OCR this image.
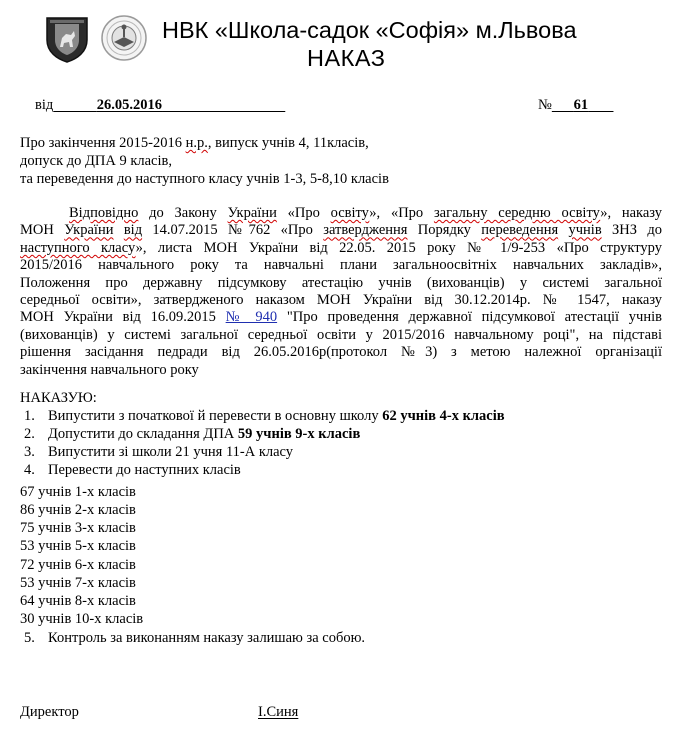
НВК «Школа-садок «Софія» м.Львова
НАКАЗ
від	26.05.2016	№ 61
Про закінчення 2015-2016 н.р., випуск учнів 4, 11класів,
допуск до ДПА 9 класів,
та переведення до наступного класу учнів 1-3, 5-8,10 класів
Відповідно до Закону України «Про освіту», «Про загальну середню освіту», наказу
МОН України від 14.07.2015 №762 «Про затвердження Порядку переведення учнів ЗНЗ до
наступного класу», листа МОН України від 22.05. 2015 року № 1/9-253 «Про структуру
2015/2016 навчального року та навчальні плани загальноосвітніх навчальних закладів»,
Положення про державну підсумкову атестацію учнів (вихованців) у системі загальної
середньої освіти», затвердженого наказом МОН України від 30.12.2014р. № 1547, наказу
МОН України від 16.09.2015 № 940 "Про проведення державної підсумкової атестації учнів
(вихованців) у системі загальної середньої освіти у 2015/2016 навчальному році", на підставі
рішення засідання педради від 26.05.2016р(протокол №3) з метою належної організації
закінчення навчального року
НАКАЗУЮ:
1. Випустити з початкової й перевести в основну школу 62 учнів 4-х класів
2. Допустити до складання ДПА 59 учнів 9-х класів
3. Випустити зі школи 21 учня 11-А класу
4. Перевести до наступних класів
67 учнів 1-х класів
86 учнів 2-х класів
75 учнів 3-х класів
53 учнів 5-х класів
72 учнів 6-х класів
53 учнів 7-х класів
64 учнів 8-х класів
30 учнів 10-х класів
5. Контроль за виконанням наказу залишаю за собою.
Директор	І.Синя
